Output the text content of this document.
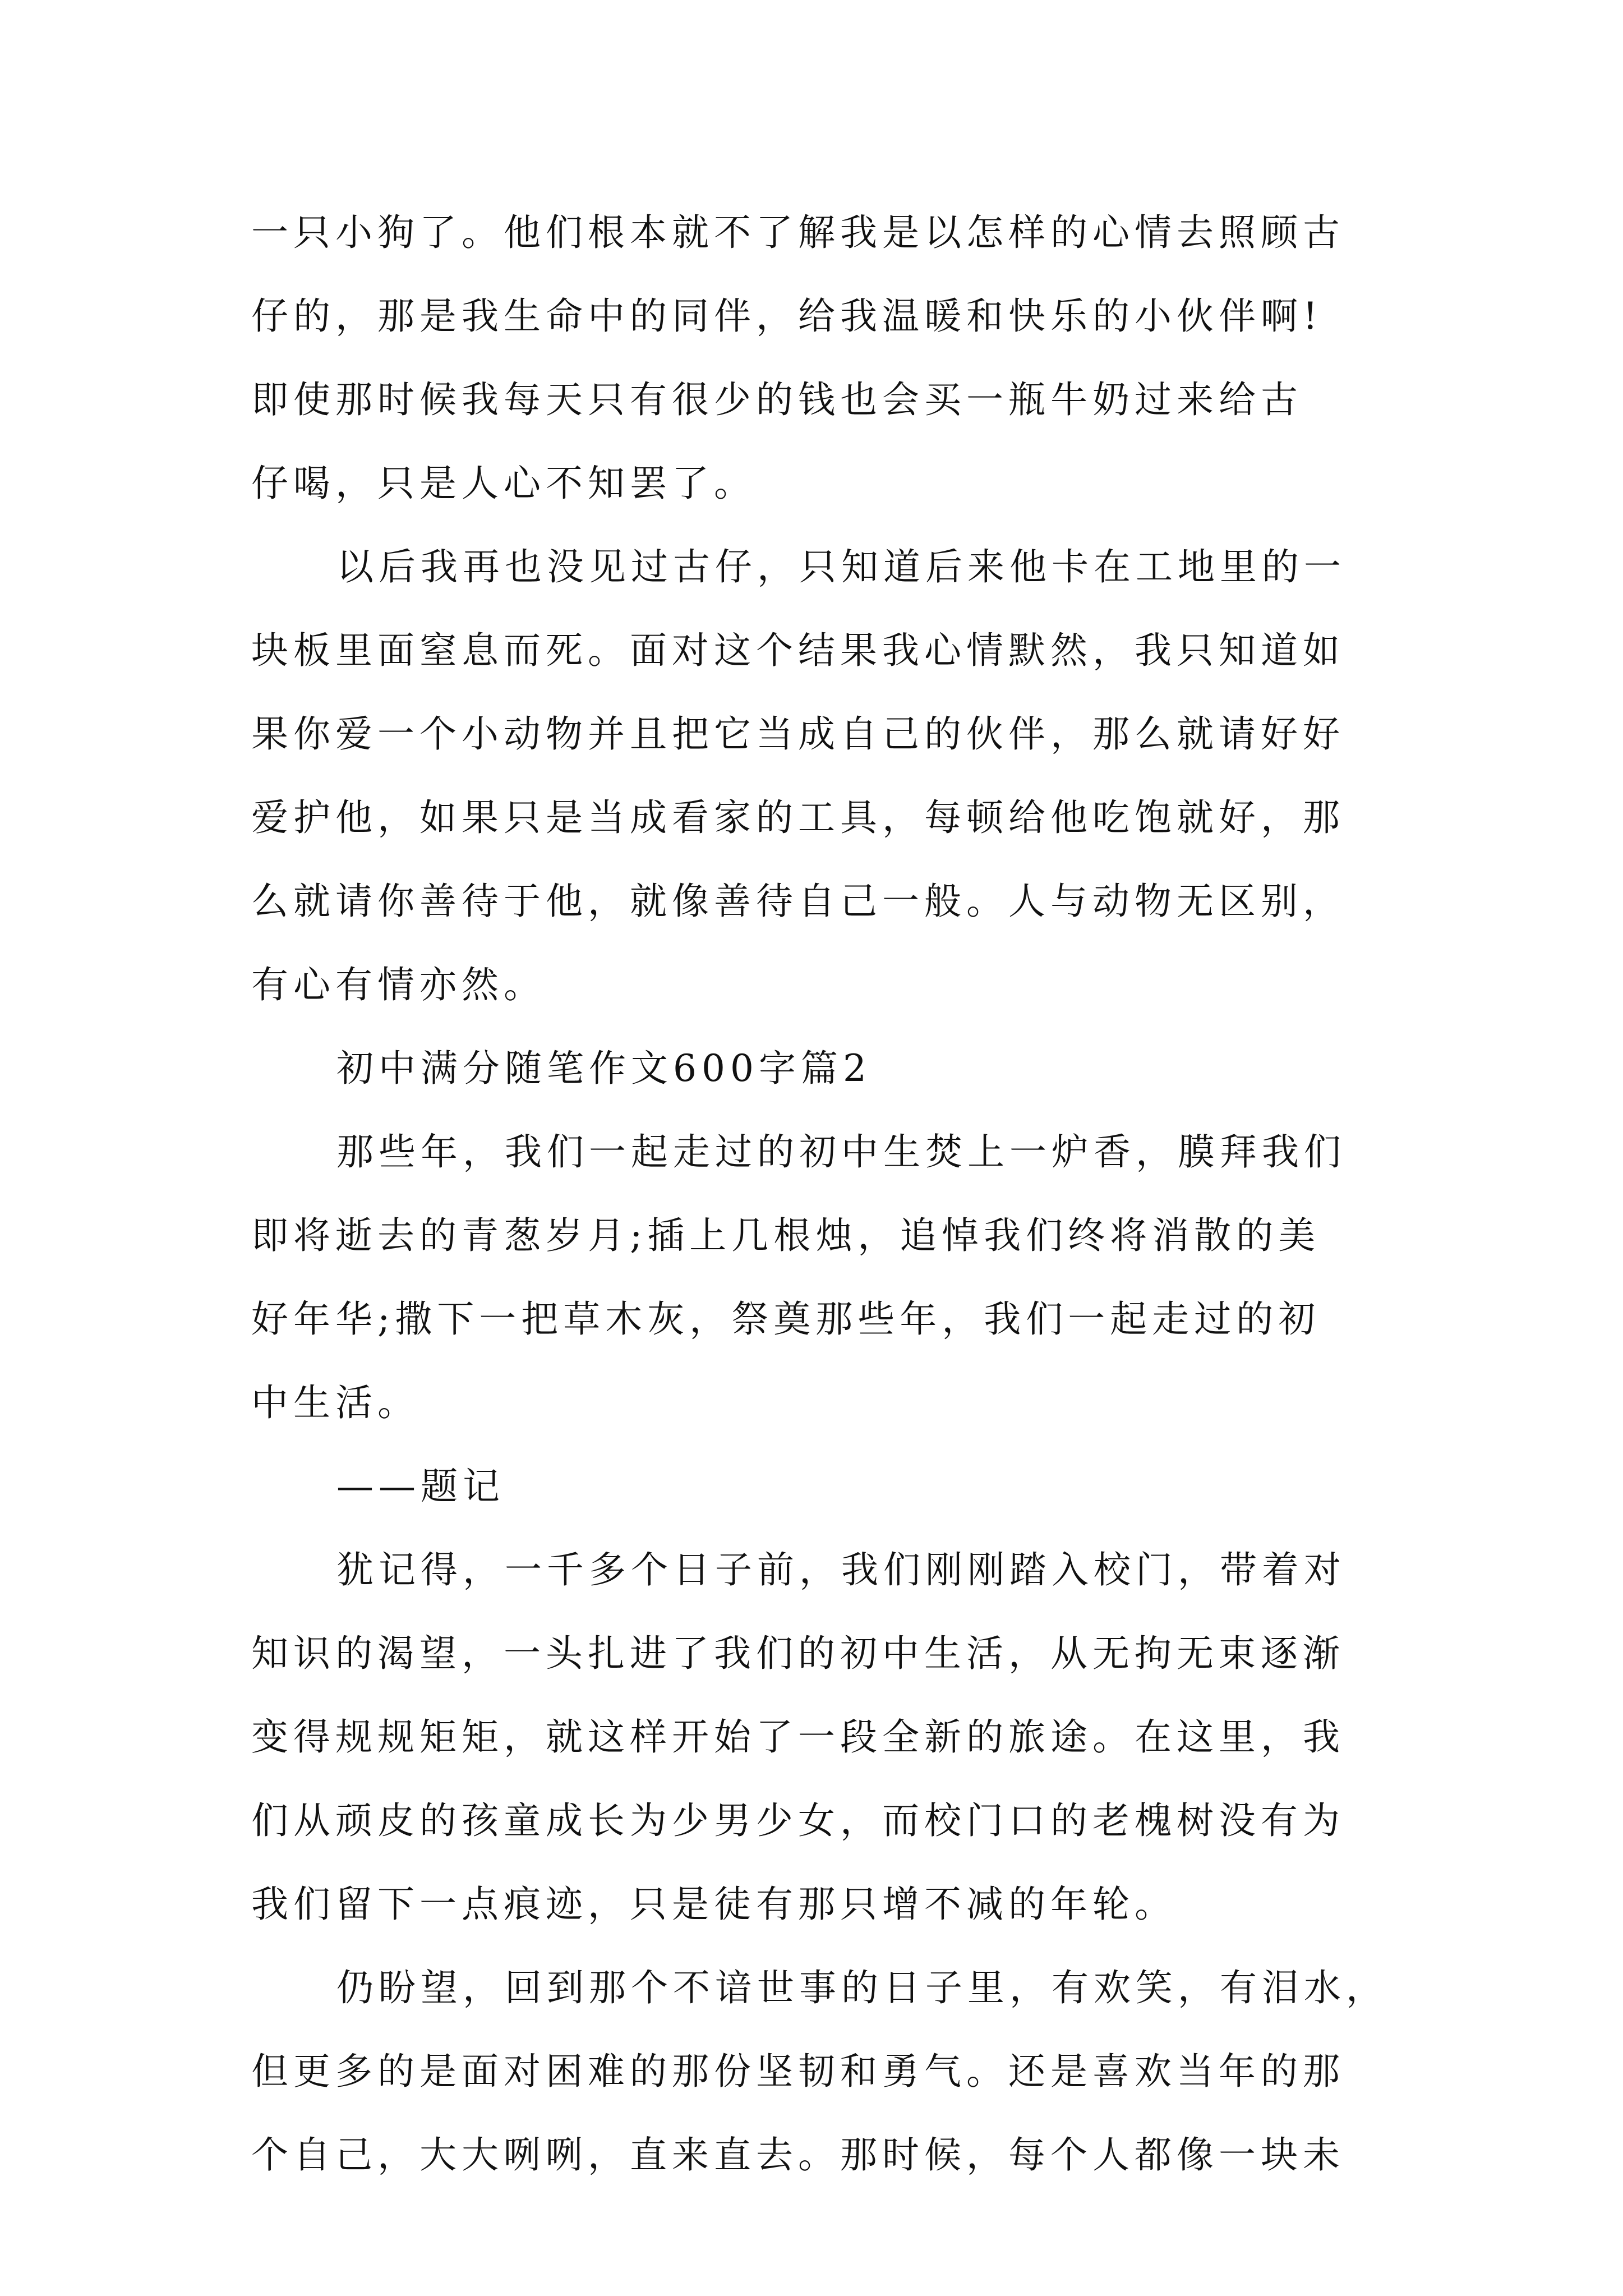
一只小狗了。他们根本就不了解我是以怎样的心情去照顾古
仔的，那是我生命中的同伴，给我温暖和快乐的小伙伴啊!
即使那时候我每天只有很少的钱也会买一瓶牛奶过来给古
仔喝，只是人心不知罢了。
以后我再也没见过古仔，只知道后来他卡在工地里的一
块板里面窒息而死。面对这个结果我心情默然，我只知道如
果你爱一个小动物并且把它当成自己的伙伴，那么就请好好
爱护他，如果只是当成看家的工具，每顿给他吃饱就好，那
么就请你善待于他，就像善待自己一般。人与动物无区别，
有心有情亦然。
初中满分随笔作文600字篇2
那些年，我们一起走过的初中生焚上一炉香，膜拜我们
即将逝去的青葱岁月;插上几根烛，追悼我们终将消散的美
好年华;撒下一把草木灰，祭奠那些年，我们一起走过的初
中生活。
——题记
犹记得，一千多个日子前，我们刚刚踏入校门，带着对
知识的渴望，一头扎进了我们的初中生活，从无拘无束逐渐
变得规规矩矩，就这样开始了一段全新的旅途。在这里，我
们从顽皮的孩童成长为少男少女，而校门口的老槐树没有为
我们留下一点痕迹，只是徒有那只增不减的年轮。
仍盼望，回到那个不谙世事的日子里，有欢笑，有泪水，
但更多的是面对困难的那份坚韧和勇气。还是喜欢当年的那
个自己，大大咧咧，直来直去。那时候，每个人都像一块未
